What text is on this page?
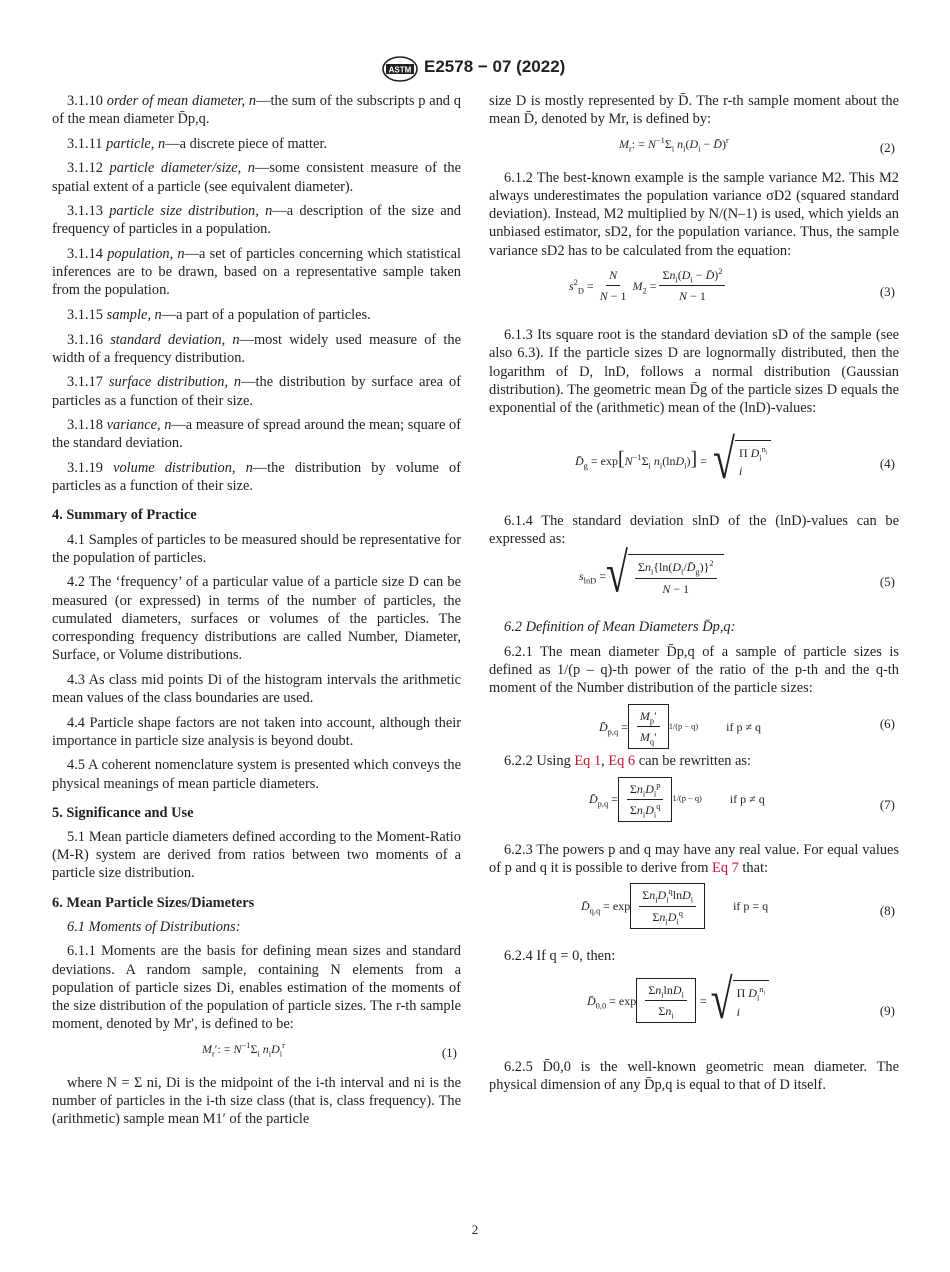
ASTM E2578 − 07 (2022)

3.1.10 order of mean diameter, n—the sum of the subscripts p and q of the mean diameter D̄p,q.

3.1.11 particle, n—a discrete piece of matter.

3.1.12 particle diameter/size, n—some consistent measure of the spatial extent of a particle (see equivalent diameter).

3.1.13 particle size distribution, n—a description of the size and frequency of particles in a population.

3.1.14 population, n—a set of particles concerning which statistical inferences are to be drawn, based on a representative sample taken from the population.

3.1.15 sample, n—a part of a population of particles.

3.1.16 standard deviation, n—most widely used measure of the width of a frequency distribution.

3.1.17 surface distribution, n—the distribution by surface area of particles as a function of their size.

3.1.18 variance, n—a measure of spread around the mean; square of the standard deviation.

3.1.19 volume distribution, n—the distribution by volume of particles as a function of their size.

4. Summary of Practice

4.1 Samples of particles to be measured should be representative for the population of particles.

4.2 The ‘frequency’ of a particular value of a particle size D can be measured (or expressed) in terms of the number of particles, the cumulated diameters, surfaces or volumes of the particles. The corresponding frequency distributions are called Number, Diameter, Surface, or Volume distributions.

4.3 As class mid points Di of the histogram intervals the arithmetic mean values of the class boundaries are used.

4.4 Particle shape factors are not taken into account, although their importance in particle size analysis is beyond doubt.

4.5 A coherent nomenclature system is presented which conveys the physical meanings of mean particle diameters.

5. Significance and Use

5.1 Mean particle diameters defined according to the Moment-Ratio (M-R) system are derived from ratios between two moments of a particle size distribution.

6. Mean Particle Sizes/Diameters

6.1 Moments of Distributions:

6.1.1 Moments are the basis for defining mean sizes and standard deviations. A random sample, containing N elements from a population of particle sizes Di, enables estimation of the moments of the size distribution of the population of particle sizes. The r-th sample moment, denoted by Mr′, is defined to be:

$M_r'$: = $N^{-1}\Sigma_i$ $n_iD_i^r$	(1)

where N = Σ ni, Di is the midpoint of the i-th interval and ni is the number of particles in the i-th size class (that is, class frequency). The (arithmetic) sample mean M1′ of the particle

size D is mostly represented by D̄. The r-th sample moment about the mean D̄, denoted by Mr, is defined by:

$M_r$: = $N^{-1}\Sigma_i$ $n_i(D_i$ − D̄)$^r$	(2)

6.1.2 The best-known example is the sample variance M2. This M2 always underestimates the population variance σD2 (squared standard deviation). Instead, M2 multiplied by N/(N–1) is used, which yields an unbiased estimator, sD2, for the population variance. Thus, the sample variance sD2 has to be calculated from the equation:

$s^2_D = \frac{N}{N - 1} M_2 = \frac{\Sigma n_i(D_i - D̄)^2}{N - 1}$	(3)

6.1.3 Its square root is the standard deviation sD of the sample (see also 6.3). If the particle sizes D are lognormally distributed, then the logarithm of D, lnD, follows a normal distribution (Gaussian distribution). The geometric mean D̄g of the particle sizes D equals the exponential of the (arithmetic) mean of the (lnD)-values:

$D̄_g = \exp[N^{-1}\Sigma_i$ $n_i(\ln D_i)$] = √ Π $D_i^{n_i}$
i
(4)

6.1.4 The standard deviation slnD of the (lnD)-values can be expressed as:

$s_{lnD}$ = √ $\frac{\Sigma n_i\{\ln(D_i/D̄_g)\}^2}{N - 1}$	(5)

6.2 Definition of Mean Diameters D̄p,q:

6.2.1 The mean diameter D̄p,q of a sample of particle sizes is defined as 1/(p – q)-th power of the ratio of the p-th and the q-th moment of the Number distribution of the particle sizes:

$D̄_{p,q} = \frac{M_p'}{M_q'} 1/(p - q)$ if p ≠ q	(6)

6.2.2 Using Eq 1, Eq 6 can be rewritten as:

$D̄_{p,q} = \frac{\Sigma n_iD_i^p}{\Sigma n_iD_i^q} 1/(p - q)$ if p ≠ q	(7)

6.2.3 The powers p and q may have any real value. For equal values of p and q it is possible to derive from Eq 7 that:

$D̄_{q,q} = \exp \frac{\Sigma n_iD_i^q\ln D_i}{\Sigma n_iD_i^q}$	if p = q	(8)

6.2.4 If q = 0, then:

$D̄_{0,0} = \exp \frac{\Sigma n_i\ln D_i}{\Sigma n_i}$ = √ Π $D_i^{n_i}$
i	(9)

6.2.5 D̄0,0 is the well-known geometric mean diameter. The physical dimension of any D̄p,q is equal to that of D itself.

2
